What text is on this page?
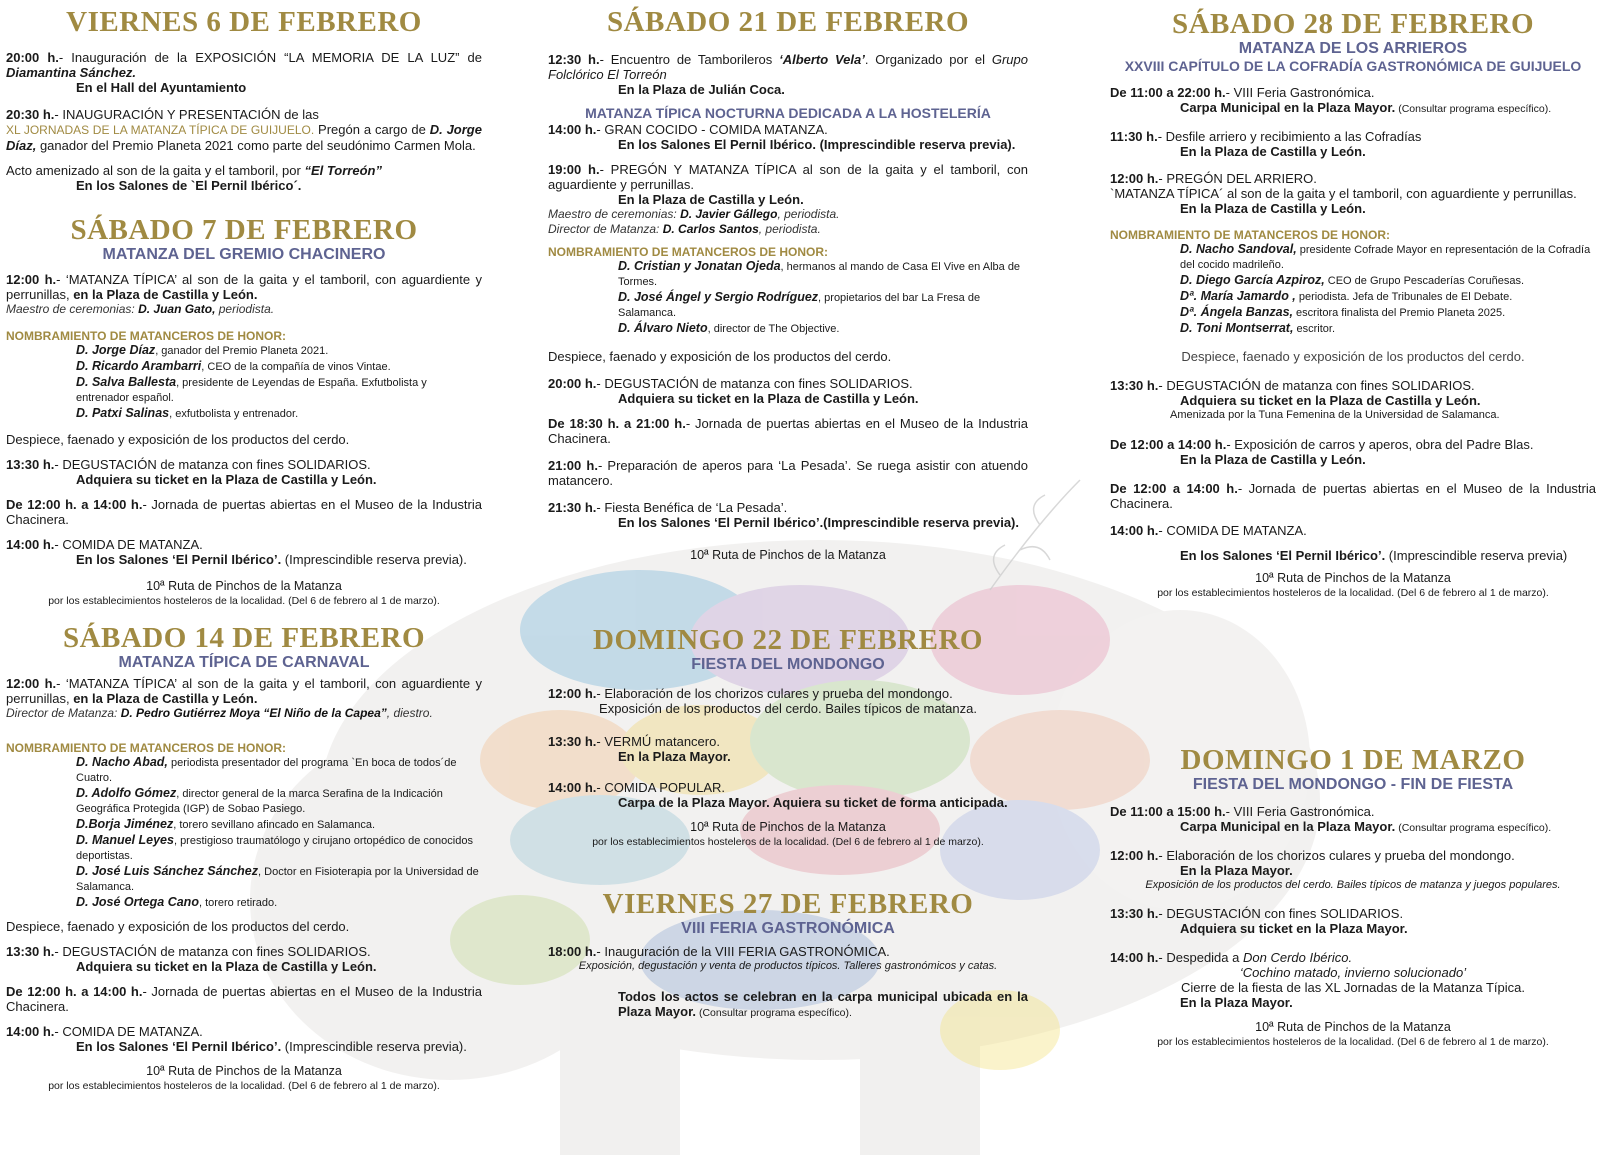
VIERNES 6 DE FEBRERO

20:00 h.- Inauguración de la EXPOSICIÓN “LA MEMORIA DE LA LUZ” de Diamantina Sánchez.
En el Hall del Ayuntamiento

20:30 h.- INAUGURACIÓN Y PRESENTACIÓN de las
XL JORNADAS DE LA MATANZA TÍPICA DE GUIJUELO. Pregón a cargo de D. Jorge Díaz, ganador del Premio Planeta 2021 como parte del seudónimo Carmen Mola.

Acto amenizado al son de la gaita y el tamboril, por “El Torreón”
En los Salones de `El Pernil Ibérico´.

SÁBADO 7 DE FEBRERO

MATANZA DEL GREMIO CHACINERO

12:00 h.- ‘MATANZA TÍPICA’ al son de la gaita y el tamboril, con aguardiente y perrunillas, en la Plaza de Castilla y León.

Maestro de ceremonias: D. Juan Gato, periodista.

NOMBRAMIENTO DE MATANCEROS DE HONOR:

D. Jorge Díaz, ganador del Premio Planeta 2021.

D. Ricardo Arambarri, CEO de la compañía de vinos Vintae.

D. Salva Ballesta, presidente de Leyendas de España. Exfutbolista y entrenador español.

D. Patxi Salinas, exfutbolista y entrenador.

Despiece, faenado y exposición de los productos del cerdo.

13:30 h.- DEGUSTACIÓN de matanza con fines SOLIDARIOS.
Adquiera su ticket en la Plaza de Castilla y León.

De 12:00 h. a 14:00 h.- Jornada de puertas abiertas en el Museo de la Industria Chacinera.

14:00 h.- COMIDA DE MATANZA.
En los Salones ‘El Pernil Ibérico’. (Imprescindible reserva previa).

10ª Ruta de Pinchos de la Matanza
por los establecimientos hosteleros de la localidad. (Del 6 de febrero al 1 de marzo).

SÁBADO 14 DE FEBRERO

MATANZA TÍPICA DE CARNAVAL

12:00 h.- ‘MATANZA TÍPICA’ al son de la gaita y el tamboril, con aguardiente y perrunillas, en la Plaza de Castilla y León.

Director de Matanza: D. Pedro Gutiérrez Moya “El Niño de la Capea”, diestro.

NOMBRAMIENTO DE MATANCEROS DE HONOR:

D. Nacho Abad, periodista presentador del programa `En boca de todos´de Cuatro.

D. Adolfo Gómez, director general de la marca Serafina de la Indicación Geográfica Protegida (IGP) de Sobao Pasiego.

D.Borja Jiménez, torero sevillano afincado en Salamanca.

D. Manuel Leyes, prestigioso traumatólogo y cirujano ortopédico de conocidos deportistas.

D. José Luis Sánchez Sánchez, Doctor en Fisioterapia por la Universidad de Salamanca.

D. José Ortega Cano, torero retirado.

Despiece, faenado y exposición de los productos del cerdo.

13:30 h.- DEGUSTACIÓN de matanza con fines SOLIDARIOS.
Adquiera su ticket en la Plaza de Castilla y León.

De 12:00 h. a 14:00 h.- Jornada de puertas abiertas en el Museo de la Industria Chacinera.

14:00 h.- COMIDA DE MATANZA.
En los Salones ‘El Pernil Ibérico’. (Imprescindible reserva previa).

10ª Ruta de Pinchos de la Matanza
por los establecimientos hosteleros de la localidad. (Del 6 de febrero al 1 de marzo).

SÁBADO 21 DE FEBRERO

12:30 h.- Encuentro de Tamborileros ‘Alberto Vela’. Organizado por el Grupo Folclórico El Torreón
En la Plaza de Julián Coca.

MATANZA TÍPICA NOCTURNA DEDICADA A LA HOSTELERÍA

14:00 h.- GRAN COCIDO - COMIDA MATANZA.
En los Salones El Pernil Ibérico. (Imprescindible reserva previa).

19:00 h.- PREGÓN Y MATANZA TÍPICA al son de la gaita y el tamboril, con aguardiente y perrunillas.
En la Plaza de Castilla y León.

Maestro de ceremonias: D. Javier Gállego, periodista.

Director de Matanza: D. Carlos Santos, periodista.

NOMBRAMIENTO DE MATANCEROS DE HONOR:

D. Cristian y Jonatan Ojeda, hermanos al mando de Casa El Vive en Alba de Tormes.

D. José Ángel y Sergio Rodríguez, propietarios del bar La Fresa de Salamanca.

D. Álvaro Nieto, director de The Objective.

Despiece, faenado y exposición de los productos del cerdo.

20:00 h.- DEGUSTACIÓN de matanza con fines SOLIDARIOS.
Adquiera su ticket en la Plaza de Castilla y León.

De 18:30 h. a 21:00 h.- Jornada de puertas abiertas en el Museo de la Industria Chacinera.

21:00 h.- Preparación de aperos para ‘La Pesada’. Se ruega asistir con atuendo matancero.

21:30 h.- Fiesta Benéfica de ‘La Pesada’.
En los Salones ‘El Pernil Ibérico’.(Imprescindible reserva previa).

10ª Ruta de Pinchos de la Matanza

DOMINGO 22 DE FEBRERO

FIESTA DEL MONDONGO

12:00 h.- Elaboración de los chorizos culares y prueba del mondongo.

Exposición de los productos del cerdo. Bailes típicos de matanza.

13:30 h.- VERMÚ matancero.
En la Plaza Mayor.

14:00 h.- COMIDA POPULAR.
Carpa de la Plaza Mayor. Aquiera su ticket de forma anticipada.

10ª Ruta de Pinchos de la Matanza
por los establecimientos hosteleros de la localidad. (Del 6 de febrero al 1 de marzo).

VIERNES 27 DE FEBRERO

VIII FERIA GASTRONÓMICA

18:00 h.- Inauguración de la VIII FERIA GASTRONÓMICA.

Exposición, degustación y venta de productos típicos. Talleres gastronómicos y catas.

Todos los actos se celebran en la carpa municipal ubicada en la Plaza Mayor. (Consultar programa específico).

SÁBADO 28 DE FEBRERO

MATANZA DE LOS ARRIEROS

XXVIII CAPÍTULO DE LA COFRADÍA GASTRONÓMICA DE GUIJUELO

De 11:00 a 22:00 h.- VIII Feria Gastronómica.
Carpa Municipal en la Plaza Mayor. (Consultar programa específico).

11:30 h.- Desfile arriero y recibimiento a las Cofradías
En la Plaza de Castilla y León.

12:00 h.- PREGÓN DEL ARRIERO.
`MATANZA TÍPICA´ al son de la gaita y el tamboril, con aguardiente y perrunillas.
En la Plaza de Castilla y León.

NOMBRAMIENTO DE MATANCEROS DE HONOR:

D. Nacho Sandoval, presidente Cofrade Mayor en representación de la Cofradía del cocido madrileño.

D. Diego García Azpiroz, CEO de Grupo Pescaderías Coruñesas.

Dª. María Jamardo , periodista. Jefa de Tribunales de El Debate.

Dª. Ángela Banzas, escritora finalista del Premio Planeta 2025.

D. Toni Montserrat, escritor.

Despiece, faenado y exposición de los productos del cerdo.

13:30 h.- DEGUSTACIÓN de matanza con fines SOLIDARIOS.
Adquiera su ticket en la Plaza de Castilla y León.
Amenizada por la Tuna Femenina de la Universidad de Salamanca.

De 12:00 a 14:00 h.- Exposición de carros y aperos, obra del Padre Blas.
En la Plaza de Castilla y León.

De 12:00 a 14:00 h.- Jornada de puertas abiertas en el Museo de la Industria Chacinera.

14:00 h.- COMIDA DE MATANZA.

En los Salones ‘El Pernil Ibérico’. (Imprescindible reserva previa)

10ª Ruta de Pinchos de la Matanza
por los establecimientos hosteleros de la localidad. (Del 6 de febrero al 1 de marzo).

DOMINGO 1 DE MARZO

FIESTA DEL MONDONGO - FIN DE FIESTA

De 11:00 a 15:00 h.- VIII Feria Gastronómica.
Carpa Municipal en la Plaza Mayor. (Consultar programa específico).

12:00 h.- Elaboración de los chorizos culares y prueba del mondongo.
En la Plaza Mayor.

Exposición de los productos del cerdo. Bailes típicos de matanza y juegos populares.

13:30 h.- DEGUSTACIÓN con fines SOLIDARIOS.
Adquiera su ticket en la Plaza Mayor.

14:00 h.- Despedida a Don Cerdo Ibérico.

‘Cochino matado, invierno solucionado’

Cierre de la fiesta de las XL Jornadas de la Matanza Típica.

En la Plaza Mayor.

10ª Ruta de Pinchos de la Matanza
por los establecimientos hosteleros de la localidad. (Del 6 de febrero al 1 de marzo).
